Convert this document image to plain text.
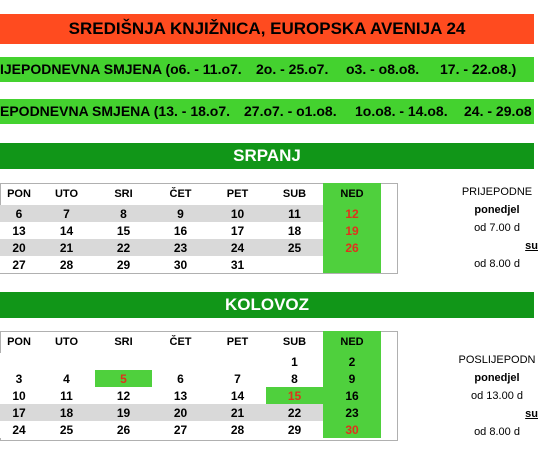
SREDIŠNJA KNJIŽNICA, EUROPSKA AVENIJA 24
IJEPODNEVNA SMJENA (o6. - 11.o7. 2o. - 25.o7. o3. - o8.o8. 17. - 22.o8.)
EPODNEVNA SMJENA (13. - 18.o7. 27.o7. - o1.o8. 1o.o8. - 14.o8. 24. - 29.o8
SRPANJ
PON	UTO	SRI	ČET	PET	SUB	NED
6	7	8	9	10	11	12
13	14	15	16	17	18	19
20	21	22	23	24	25	26
27	28	29	30	31		
PRIJEPODNE
ponedjel
od 7.00 d
su
od 8.00 d
KOLOVOZ
PON	UTO	SRI	ČET	PET	SUB	NED
					1	2
3	4	5	6	7	8	9
10	11	12	13	14	15	16
17	18	19	20	21	22	23
24	25	26	27	28	29	30
POSLIJEPODN
ponedjel
od 13.00 d
su
od 8.00 d
